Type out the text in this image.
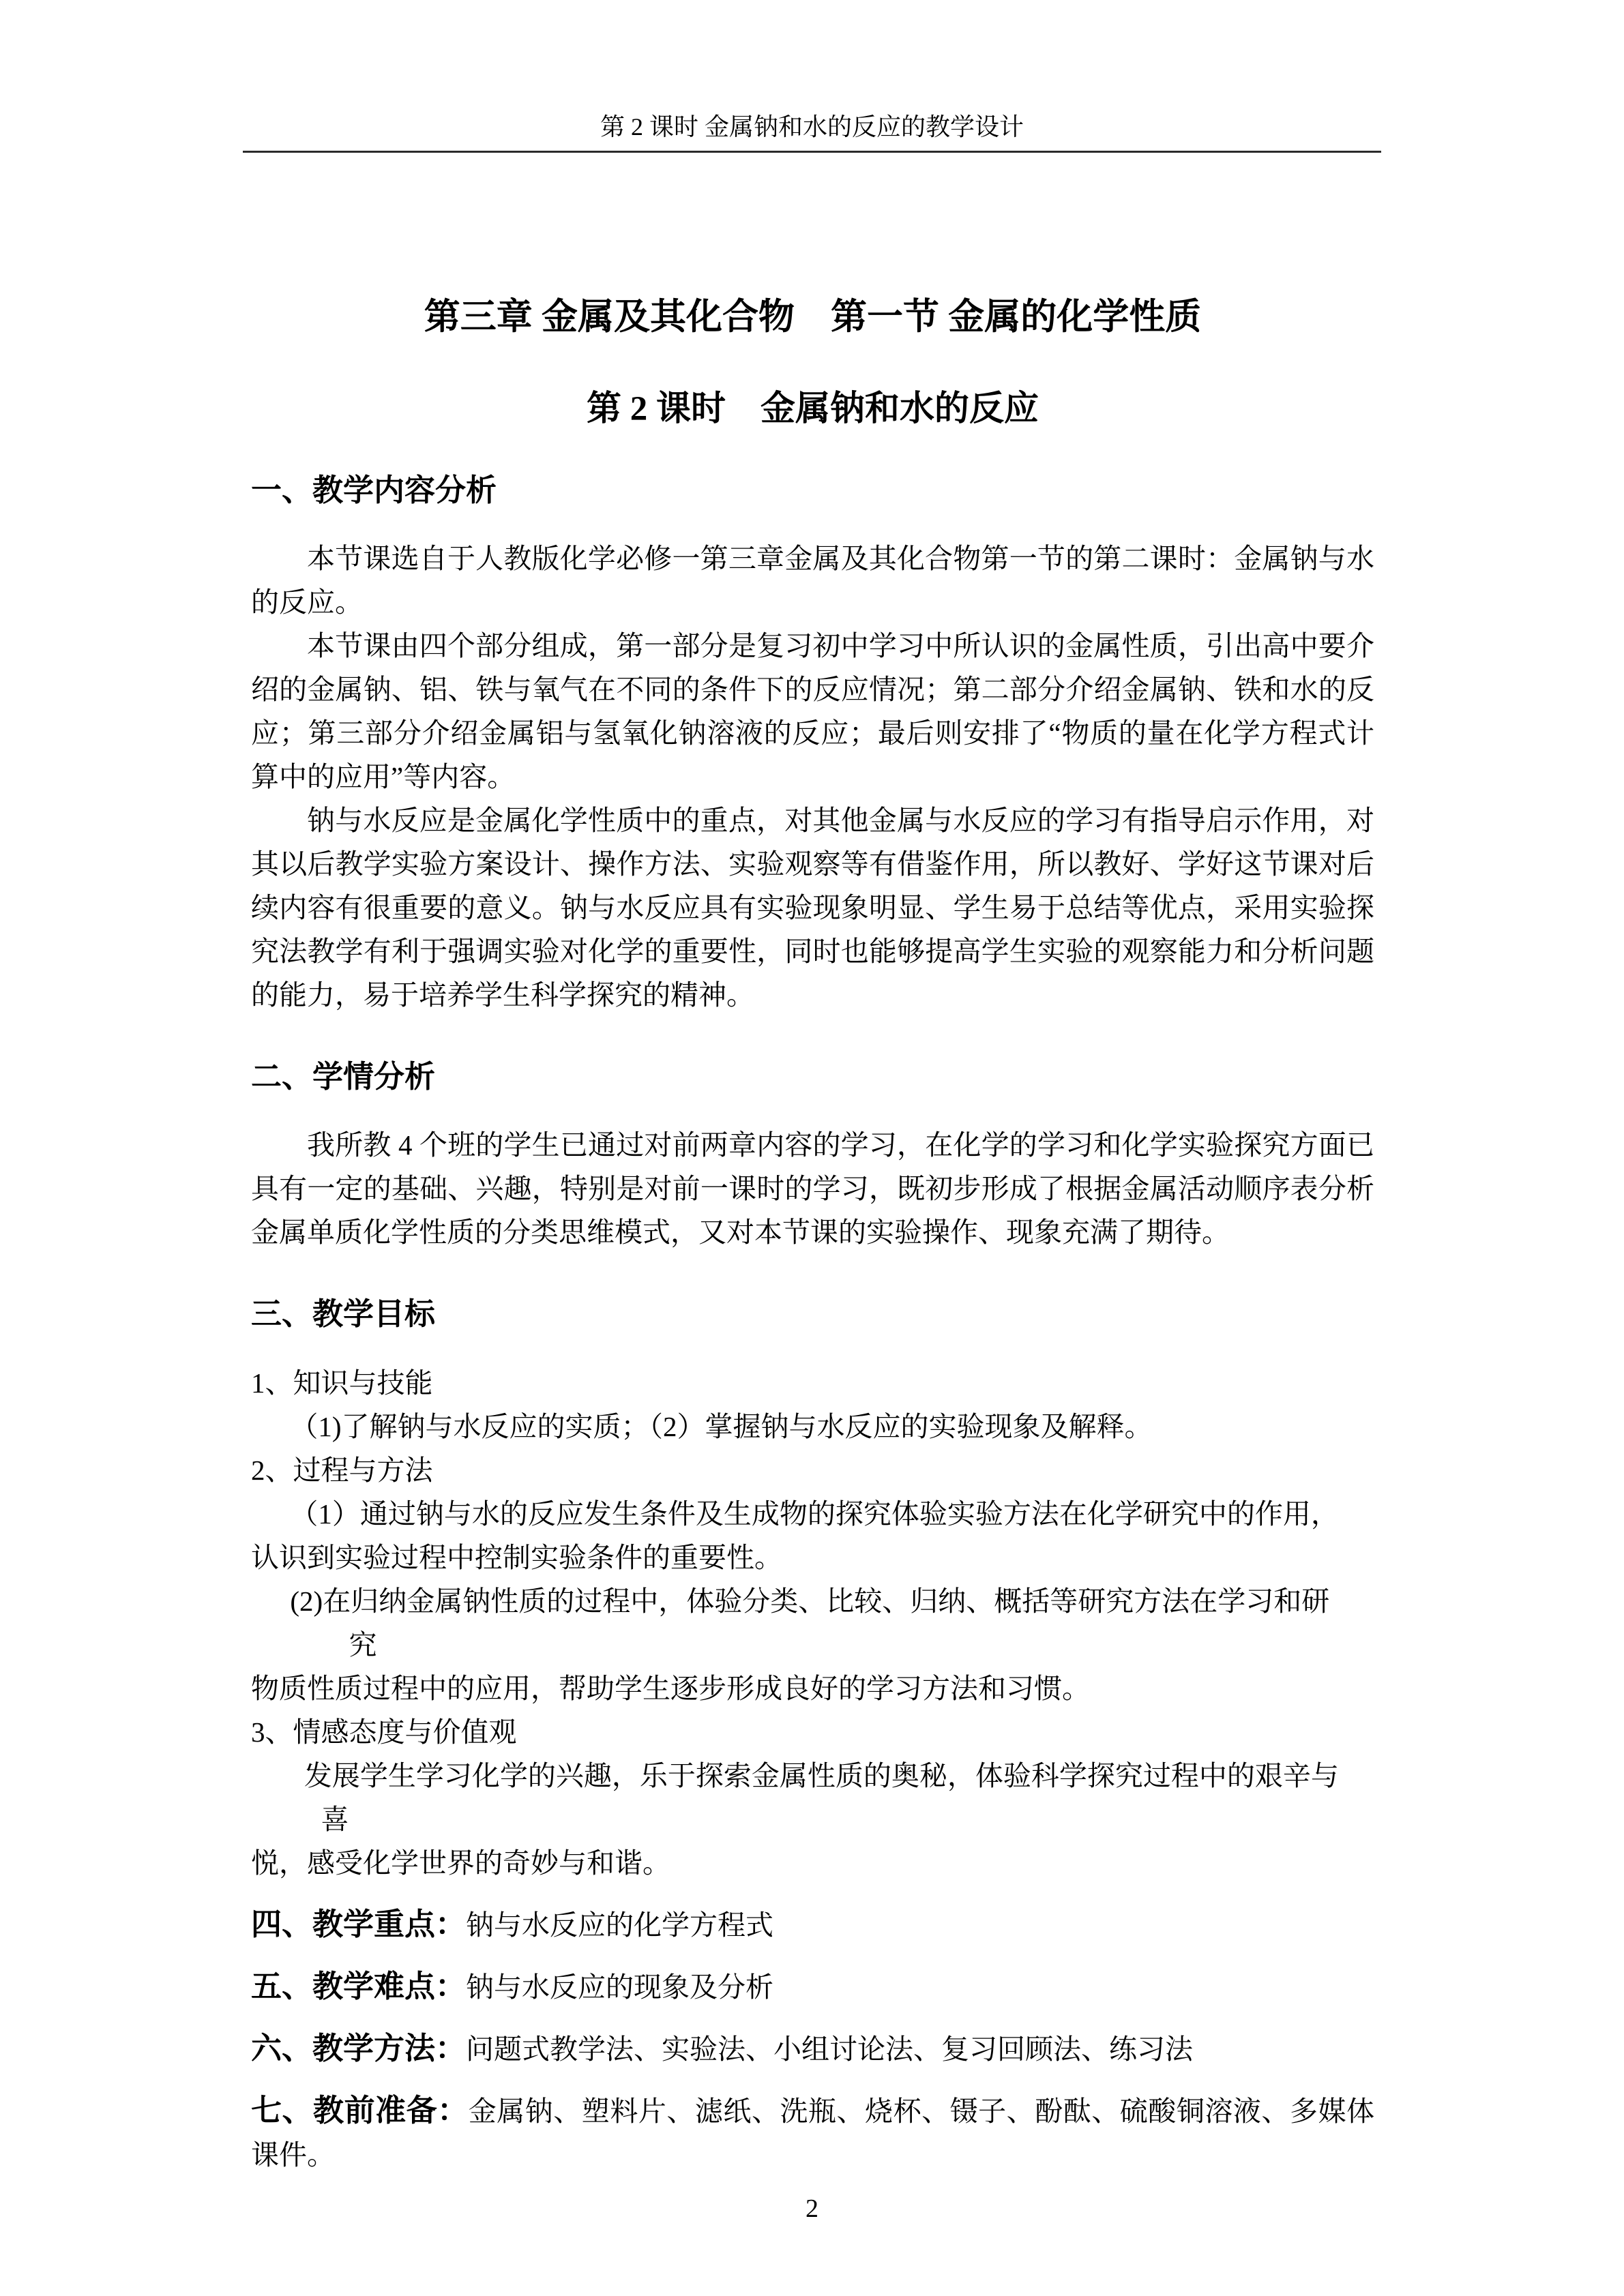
第 2 课时 金属钠和水的反应的教学设计
第三章 金属及其化合物　第一节 金属的化学性质
第 2 课时　金属钠和水的反应
一、教学内容分析

本节课选自于人教版化学必修一第三章金属及其化合物第一节的第二课时：金属钠与水的反应。

本节课由四个部分组成，第一部分是复习初中学习中所认识的金属性质，引出高中要介绍的金属钠、铝、铁与氧气在不同的条件下的反应情况；第二部分介绍金属钠、铁和水的反应；第三部分介绍金属铝与氢氧化钠溶液的反应；最后则安排了“物质的量在化学方程式计算中的应用”等内容。

钠与水反应是金属化学性质中的重点，对其他金属与水反应的学习有指导启示作用，对其以后教学实验方案设计、操作方法、实验观察等有借鉴作用，所以教好、学好这节课对后续内容有很重要的意义。钠与水反应具有实验现象明显、学生易于总结等优点，采用实验探究法教学有利于强调实验对化学的重要性，同时也能够提高学生实验的观察能力和分析问题的能力，易于培养学生科学探究的精神。

二、学情分析

我所教 4 个班的学生已通过对前两章内容的学习，在化学的学习和化学实验探究方面已具有一定的基础、兴趣，特别是对前一课时的学习，既初步形成了根据金属活动顺序表分析金属单质化学性质的分类思维模式，又对本节课的实验操作、现象充满了期待。

三、教学目标

1、知识与技能

（1)了解钠与水反应的实质；（2）掌握钠与水反应的实验现象及解释。

2、过程与方法

（1）通过钠与水的反应发生条件及生成物的探究体验实验方法在化学研究中的作用，

认识到实验过程中控制实验条件的重要性。

(2)在归纳金属钠性质的过程中，体验分类、比较、归纳、概括等研究方法在学习和研

究

物质性质过程中的应用，帮助学生逐步形成良好的学习方法和习惯。

3、情感态度与价值观

发展学生学习化学的兴趣，乐于探索金属性质的奥秘，体验科学探究过程中的艰辛与

喜

悦，感受化学世界的奇妙与和谐。

四、教学重点：钠与水反应的化学方程式

五、教学难点：钠与水反应的现象及分析

六、教学方法：问题式教学法、实验法、小组讨论法、复习回顾法、练习法

七、教前准备：金属钠、塑料片、滤纸、洗瓶、烧杯、镊子、酚酞、硫酸铜溶液、多媒体课件。

2
